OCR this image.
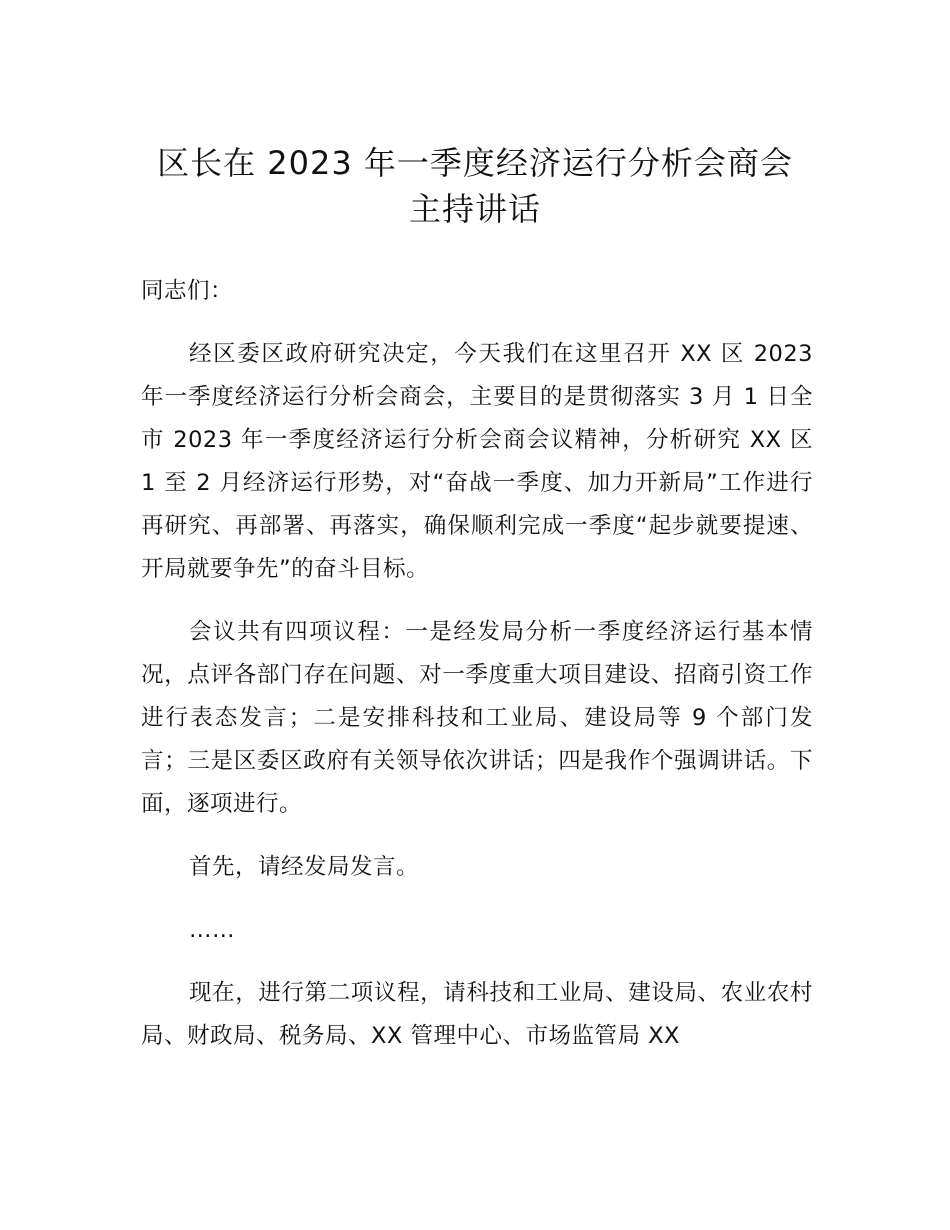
区长在 2023 年一季度经济运行分析会商会
主持讲话

同志们：

经区委区政府研究决定，今天我们在这里召开 XX 区 2023 年一季度经济运行分析会商会，主要目的是贯彻落实 3 月 1 日全市 2023 年一季度经济运行分析会商会议精神，分析研究 XX 区 1 至 2 月经济运行形势，对“奋战一季度、加力开新局”工作进行再研究、再部署、再落实，确保顺利完成一季度“起步就要提速、开局就要争先”的奋斗目标。

会议共有四项议程：一是经发局分析一季度经济运行基本情况，点评各部门存在问题、对一季度重大项目建设、招商引资工作进行表态发言；二是安排科技和工业局、建设局等 9 个部门发言；三是区委区政府有关领导依次讲话；四是我作个强调讲话。下面，逐项进行。

首先，请经发局发言。

……

现在，进行第二项议程，请科技和工业局、建设局、农业农村局、财政局、税务局、XX 管理中心、市场监管局 XX
